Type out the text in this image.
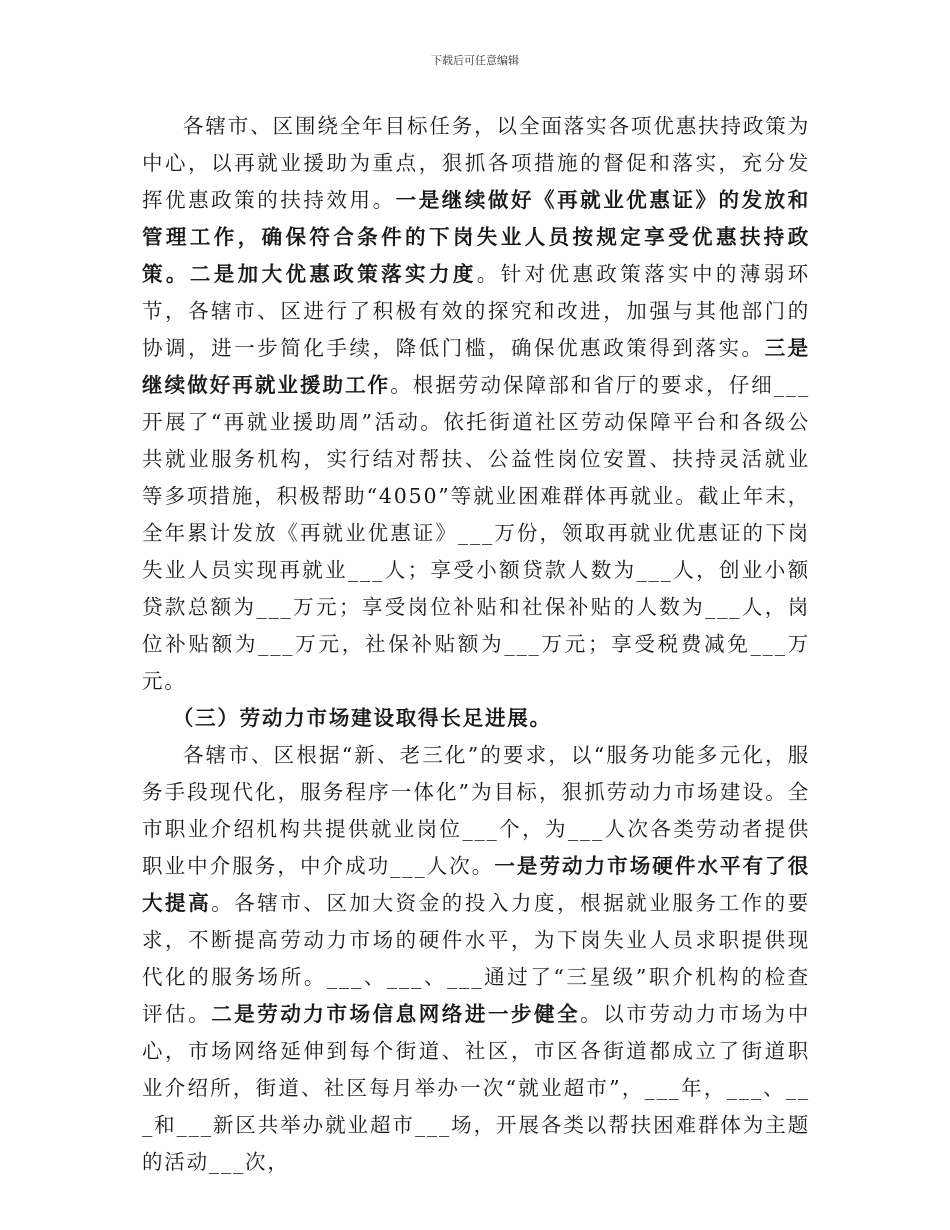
下载后可任意编辑

各辖市、区围绕全年目标任务，以全面落实各项优惠扶持政策为中心，以再就业援助为重点，狠抓各项措施的督促和落实，充分发挥优惠政策的扶持效用。一是继续做好《再就业优惠证》的发放和管理工作，确保符合条件的下岗失业人员按规定享受优惠扶持政策。二是加大优惠政策落实力度。针对优惠政策落实中的薄弱环节，各辖市、区进行了积极有效的探究和改进，加强与其他部门的协调，进一步简化手续，降低门槛，确保优惠政策得到落实。三是继续做好再就业援助工作。根据劳动保障部和省厅的要求，仔细___开展了“再就业援助周”活动。依托街道社区劳动保障平台和各级公共就业服务机构，实行结对帮扶、公益性岗位安置、扶持灵活就业等多项措施，积极帮助“4050”等就业困难群体再就业。截止年末，全年累计发放《再就业优惠证》___万份，领取再就业优惠证的下岗失业人员实现再就业___人；享受小额贷款人数为___人，创业小额贷款总额为___万元；享受岗位补贴和社保补贴的人数为___人，岗位补贴额为___万元，社保补贴额为___万元；享受税费减免___万元。

（三）劳动力市场建设取得长足进展。

各辖市、区根据“新、老三化”的要求，以“服务功能多元化，服务手段现代化，服务程序一体化”为目标，狠抓劳动力市场建设。全市职业介绍机构共提供就业岗位___个，为___人次各类劳动者提供职业中介服务，中介成功___人次。一是劳动力市场硬件水平有了很大提高。各辖市、区加大资金的投入力度，根据就业服务工作的要求，不断提高劳动力市场的硬件水平，为下岗失业人员求职提供现代化的服务场所。___、___、___通过了“三星级”职介机构的检查评估。二是劳动力市场信息网络进一步健全。以市劳动力市场为中心，市场网络延伸到每个街道、社区，市区各街道都成立了街道职业介绍所，街道、社区每月举办一次“就业超市”，___年，___、___和___新区共举办就业超市___场，开展各类以帮扶困难群体为主题的活动___次，
